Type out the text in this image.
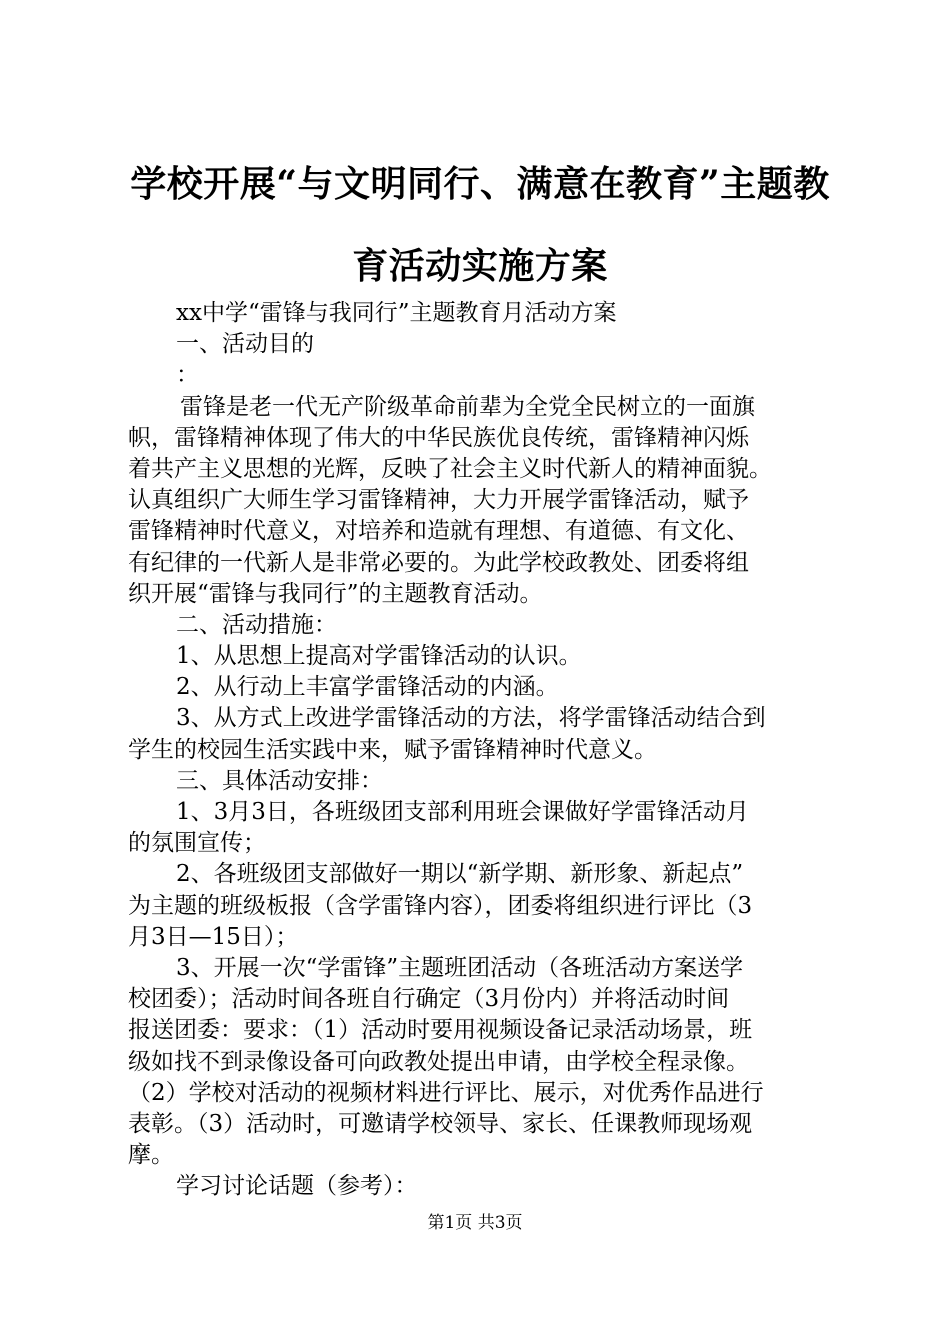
学校开展“与文明同行、满意在教育”主题教
育活动实施方案
xx中学“雷锋与我同行”主题教育月活动方案
一、活动目的
：
雷锋是老一代无产阶级革命前辈为全党全民树立的一面旗
帜，雷锋精神体现了伟大的中华民族优良传统，雷锋精神闪烁
着共产主义思想的光辉，反映了社会主义时代新人的精神面貌。
认真组织广大师生学习雷锋精神，大力开展学雷锋活动，赋予
雷锋精神时代意义，对培养和造就有理想、有道德、有文化、
有纪律的一代新人是非常必要的。为此学校政教处、团委将组
织开展“雷锋与我同行”的主题教育活动。
二、活动措施：
1、从思想上提高对学雷锋活动的认识。
2、从行动上丰富学雷锋活动的内涵。
3、从方式上改进学雷锋活动的方法，将学雷锋活动结合到
学生的校园生活实践中来，赋予雷锋精神时代意义。
三、具体活动安排：
1、3月3日，各班级团支部利用班会课做好学雷锋活动月
的氛围宣传；
2、各班级团支部做好一期以“新学期、新形象、新起点”
为主题的班级板报（含学雷锋内容），团委将组织进行评比（3
月3日—15日）；
3、开展一次“学雷锋”主题班团活动（各班活动方案送学
校团委）；活动时间各班自行确定（3月份内）并将活动时间
报送团委：要求：（1）活动时要用视频设备记录活动场景，班
级如找不到录像设备可向政教处提出申请，由学校全程录像。
（2）学校对活动的视频材料进行评比、展示，对优秀作品进行
表彰。（3）活动时，可邀请学校领导、家长、任课教师现场观
摩。
学习讨论话题（参考）：
第1页 共3页
